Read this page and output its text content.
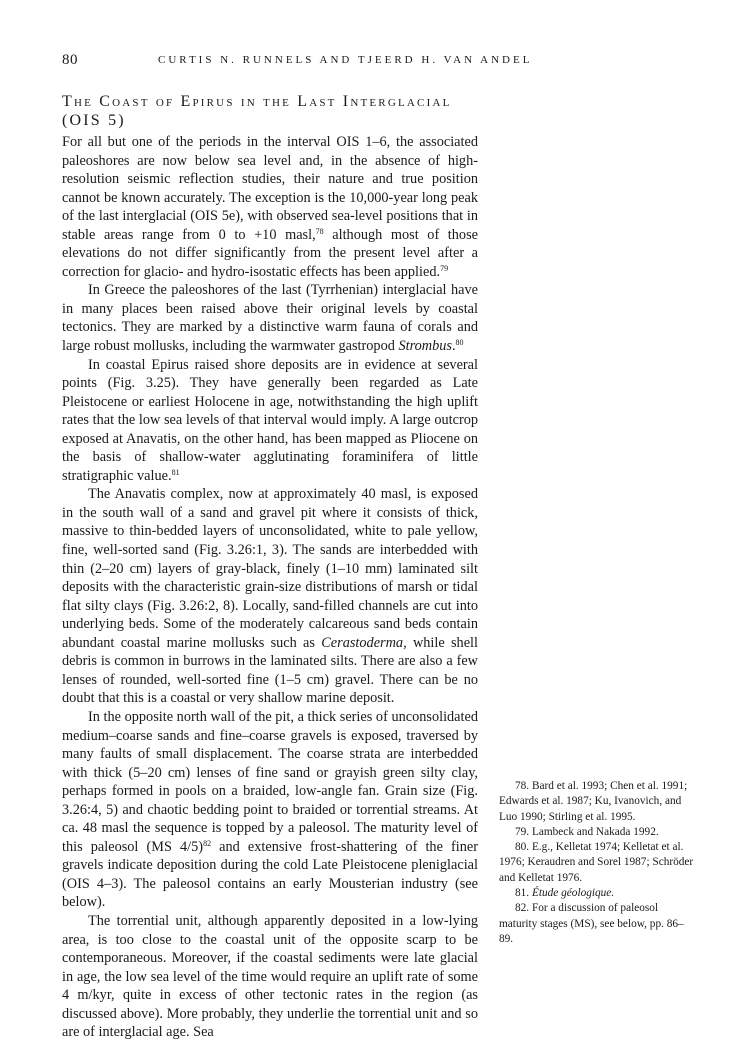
80	CURTIS N. RUNNELS AND TJEERD H. VAN ANDEL
The Coast of Epirus in the Last Interglacial (OIS 5)

For all but one of the periods in the interval OIS 1–6, the associated paleoshores are now below sea level and, in the absence of high-resolution seismic reflection studies, their nature and true position cannot be known accurately. The exception is the 10,000-year long peak of the last interglacial (OIS 5e), with observed sea-level positions that in stable areas range from 0 to +10 masl,$^{78}$ although most of those elevations do not differ significantly from the present level after a correction for glacio- and hydro-isostatic effects has been applied.$^{79}$

In Greece the paleoshores of the last (Tyrrhenian) interglacial have in many places been raised above their original levels by coastal tectonics. They are marked by a distinctive warm fauna of corals and large robust mollusks, including the warmwater gastropod Strombus.$^{80}$

In coastal Epirus raised shore deposits are in evidence at several points (Fig. 3.25). They have generally been regarded as Late Pleistocene or earliest Holocene in age, notwithstanding the high uplift rates that the low sea levels of that interval would imply. A large outcrop exposed at Anavatis, on the other hand, has been mapped as Pliocene on the basis of shallow-water agglutinating foraminifera of little stratigraphic value.$^{81}$

The Anavatis complex, now at approximately 40 masl, is exposed in the south wall of a sand and gravel pit where it consists of thick, massive to thin-bedded layers of unconsolidated, white to pale yellow, fine, well-sorted sand (Fig. 3.26:1, 3). The sands are interbedded with thin (2–20 cm) layers of gray-black, finely (1–10 mm) laminated silt deposits with the characteristic grain-size distributions of marsh or tidal flat silty clays (Fig. 3.26:2, 8). Locally, sand-filled channels are cut into underlying beds. Some of the moderately calcareous sand beds contain abundant coastal marine mollusks such as Cerastoderma, while shell debris is common in burrows in the laminated silts. There are also a few lenses of rounded, well-sorted fine (1–5 cm) gravel. There can be no doubt that this is a coastal or very shallow marine deposit.

In the opposite north wall of the pit, a thick series of unconsolidated medium–coarse sands and fine–coarse gravels is exposed, traversed by many faults of small displacement. The coarse strata are interbedded with thick (5–20 cm) lenses of fine sand or grayish green silty clay, perhaps formed in pools on a braided, low-angle fan. Grain size (Fig. 3.26:4, 5) and chaotic bedding point to braided or torrential streams. At ca. 48 masl the sequence is topped by a paleosol. The maturity level of this paleosol (MS 4/5)$^{82}$ and extensive frost-shattering of the finer gravels indicate deposition during the cold Late Pleistocene pleniglacial (OIS 4–3). The paleosol contains an early Mousterian industry (see below).

The torrential unit, although apparently deposited in a low-lying area, is too close to the coastal unit of the opposite scarp to be contemporaneous. Moreover, if the coastal sediments were late glacial in age, the low sea level of the time would require an uplift rate of some 4 m/kyr, quite in excess of other tectonic rates in the region (as discussed above). More probably, they underlie the torrential unit and so are of interglacial age. Sea

78. Bard et al. 1993; Chen et al. 1991; Edwards et al. 1987; Ku, Ivanovich, and Luo 1990; Stirling et al. 1995.

79. Lambeck and Nakada 1992.

80. E.g., Kelletat 1974; Kelletat et al. 1976; Keraudren and Sorel 1987; Schröder and Kelletat 1976.

81. Étude géologique.

82. For a discussion of paleosol maturity stages (MS), see below, pp. 86–89.
